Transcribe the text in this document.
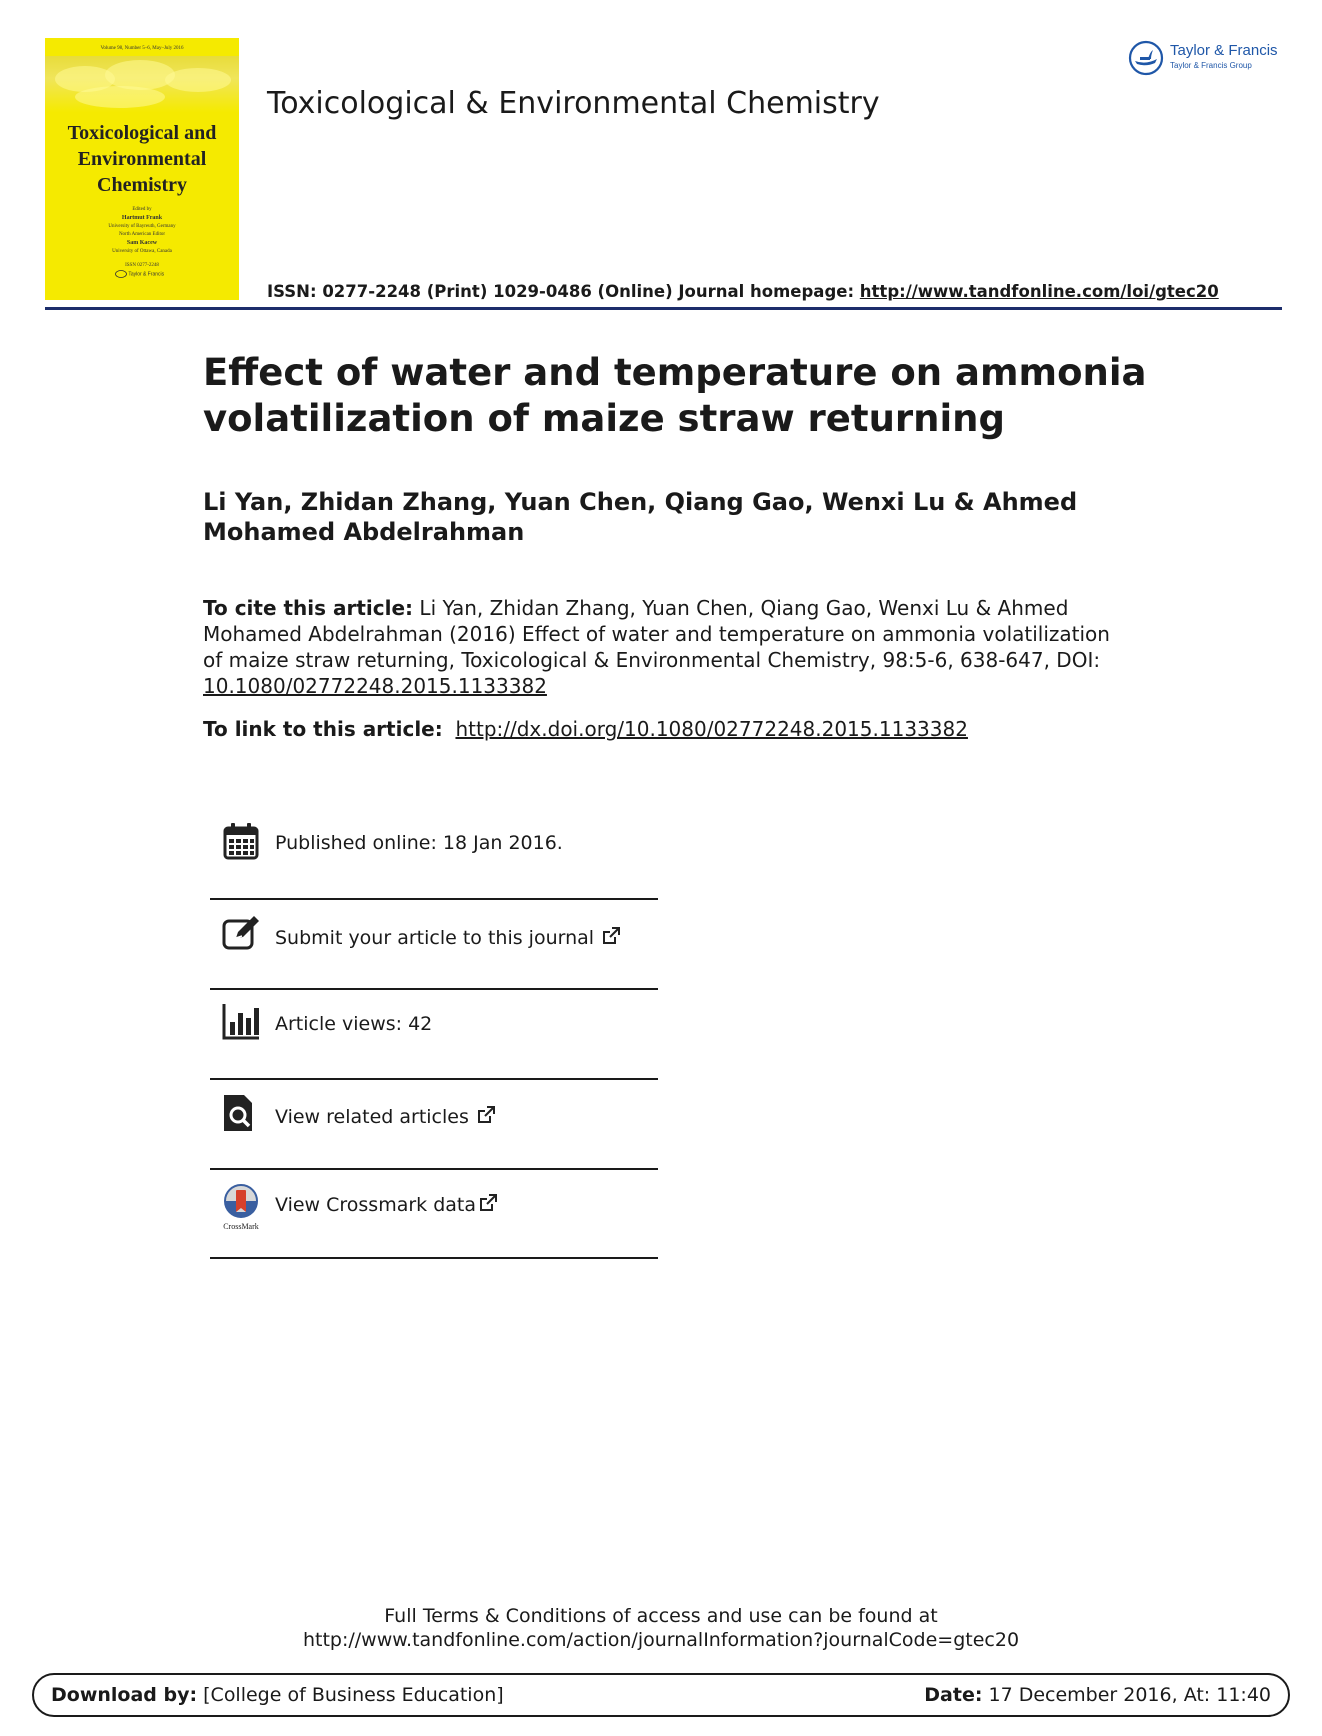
Volume 98, Number 5–6, May–July 2016
Toxicological and
Environmental
Chemistry
Edited by
Hartmut Frank
University of Bayreuth, Germany
North American Editor
Sam Kacew
University of Ottawa, Canada
ISSN 0277-2248
Taylor & Francis
Toxicological & Environmental Chemistry
Taylor & Francis
Taylor & Francis Group
ISSN: 0277-2248 (Print) 1029-0486 (Online) Journal homepage: http://www.tandfonline.com/loi/gtec20
Effect of water and temperature on ammonia volatilization of maize straw returning
Li Yan, Zhidan Zhang, Yuan Chen, Qiang Gao, Wenxi Lu & Ahmed Mohamed Abdelrahman
To cite this article: Li Yan, Zhidan Zhang, Yuan Chen, Qiang Gao, Wenxi Lu & Ahmed Mohamed Abdelrahman (2016) Effect of water and temperature on ammonia volatilization of maize straw returning, Toxicological & Environmental Chemistry, 98:5-6, 638-647, DOI: 10.1080/02772248.2015.1133382
To link to this article: http://dx.doi.org/10.1080/02772248.2015.1133382
Published online: 18 Jan 2016.
Submit your article to this journal
Article views: 42
View related articles
CrossMark
View Crossmark data
Full Terms & Conditions of access and use can be found at
http://www.tandfonline.com/action/journalInformation?journalCode=gtec20
Download by: [College of Business Education]	Date: 17 December 2016, At: 11:40
